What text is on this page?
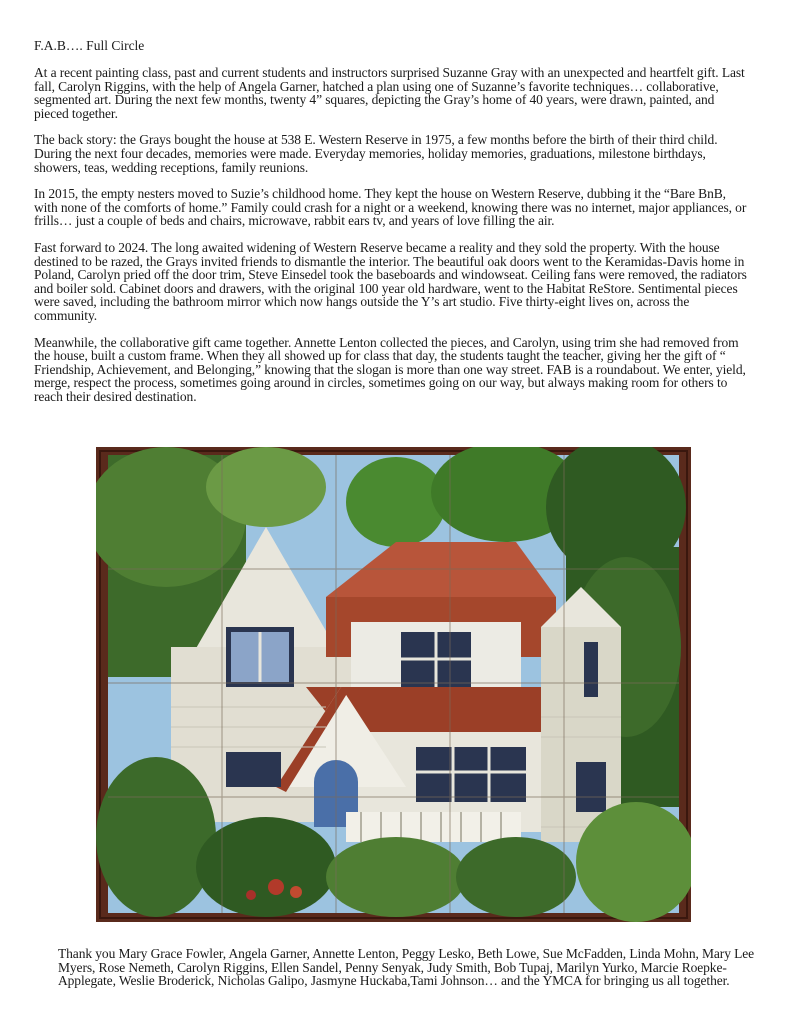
F.A.B…. Full Circle

At a recent painting class, past and current students and instructors surprised Suzanne Gray with an unexpected and heartfelt gift. Last fall, Carolyn Riggins, with the help of Angela Garner, hatched a plan using one of Suzanne’s favorite techniques… collaborative, segmented art. During the next few months, twenty 4” squares, depicting the Gray’s home of 40 years, were drawn, painted, and pieced together.

The back story: the Grays bought the house at 538 E. Western Reserve in 1975, a few months before the birth of their third child. During the next four decades, memories were made. Everyday memories, holiday memories, graduations, milestone birthdays, showers, teas, wedding receptions, family reunions.

In 2015, the empty nesters moved to Suzie’s childhood home. They kept the house on Western Reserve, dubbing it the “Bare BnB, with none of the comforts of home.” Family could crash for a night or a weekend, knowing there was no internet, major appliances, or frills… just a couple of beds and chairs, microwave, rabbit ears tv, and years of love filling the air.

Fast forward to 2024. The long awaited widening of Western Reserve became a reality and they sold the property. With the house destined to be razed, the Grays invited friends to dismantle the interior. The beautiful oak doors went to the Keramidas-Davis home in Poland, Carolyn pried off the door trim, Steve Einsedel took the baseboards and windowseat. Ceiling fans were removed, the radiators and boiler sold. Cabinet doors and drawers, with the original 100 year old hardware, went to the Habitat ReStore. Sentimental pieces were saved, including the bathroom mirror which now hangs outside the Y’s art studio. Five thirty-eight lives on, across the community.

Meanwhile, the collaborative gift came together. Annette Lenton collected the pieces, and Carolyn, using trim she had removed from the house, built a custom frame. When they all showed up for class that day, the students taught the teacher, giving her the gift of “ Friendship, Achievement, and Belonging,” knowing that the slogan is more than one way street. FAB is a roundabout. We enter, yield, merge, respect the process, sometimes going around in circles, sometimes going on our way, but always making room for others to reach their desired destination.

Thank you Mary Grace Fowler, Angela Garner, Annette Lenton, Peggy Lesko, Beth Lowe, Sue McFadden, Linda Mohn, Mary Lee Myers, Rose Nemeth, Carolyn Riggins, Ellen Sandel, Penny Senyak, Judy Smith, Bob Tupaj, Marilyn Yurko, Marcie Roepke-Applegate, Weslie Broderick, Nicholas Galipo, Jasmyne Huckaba,Tami Johnson… and the YMCA for bringing us all together.
